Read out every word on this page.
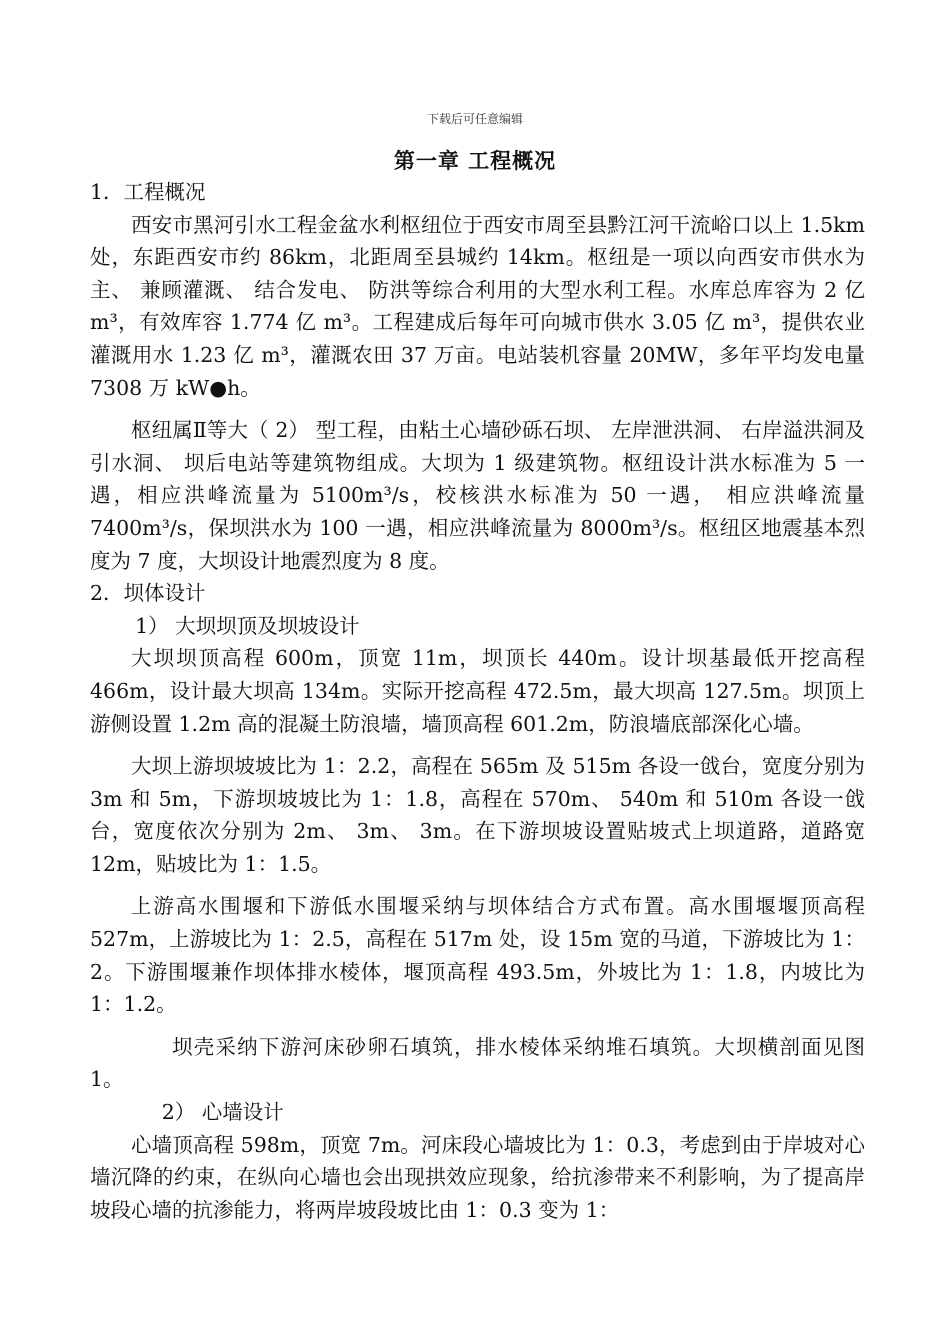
下载后可任意编辑
第一章 工程概况

1．工程概况

西安市黑河引水工程金盆水利枢纽位于西安市周至县黔江河干流峪口以上 1.5km 处，东距西安市约 86km，北距周至县城约 14km。枢纽是一项以向西安市供水为主、 兼顾灌溉、 结合发电、 防洪等综合利用的大型水利工程。水库总库容为 2 亿 m³，有效库容 1.774 亿 m³。工程建成后每年可向城市供水 3.05 亿 m³，提供农业灌溉用水 1.23 亿 m³，灌溉农田 37 万亩。电站装机容量 20MW，多年平均发电量 7308 万 kW●h。

枢纽属Ⅱ等大（ 2） 型工程，由粘土心墙砂砾石坝、 左岸泄洪洞、 右岸溢洪洞及引水洞、 坝后电站等建筑物组成。大坝为 1 级建筑物。枢纽设计洪水标准为 5 一遇，相应洪峰流量为 5100m³/s，校核洪水标准为 50 一遇， 相应洪峰流量 7400m³/s，保坝洪水为 100 一遇，相应洪峰流量为 8000m³/s。枢纽区地震基本烈度为 7 度，大坝设计地震烈度为 8 度。

2．坝体设计

1） 大坝坝顶及坝坡设计

大坝坝顶高程 600m，顶宽 11m，坝顶长 440m。设计坝基最低开挖高程 466m，设计最大坝高 134m。实际开挖高程 472.5m，最大坝高 127.5m。坝顶上游侧设置 1.2m 高的混凝土防浪墙，墙顶高程 601.2m，防浪墙底部深化心墙。

大坝上游坝坡坡比为 1：2.2，高程在 565m 及 515m 各设一戗台，宽度分别为 3m 和 5m，下游坝坡坡比为 1：1.8，高程在 570m、 540m 和 510m 各设一戗台，宽度依次分别为 2m、 3m、 3m。在下游坝坡设置贴坡式上坝道路，道路宽 12m，贴坡比为 1：1.5。

上游高水围堰和下游低水围堰采纳与坝体结合方式布置。高水围堰堰顶高程 527m，上游坡比为 1：2.5，高程在 517m 处，设 15m 宽的马道，下游坡比为 1：2。下游围堰兼作坝体排水棱体，堰顶高程 493.5m，外坡比为 1：1.8，内坡比为 1：1.2。

坝壳采纳下游河床砂卵石填筑，排水棱体采纳堆石填筑。大坝横剖面见图 1。

2） 心墙设计

心墙顶高程 598m，顶宽 7m。河床段心墙坡比为 1：0.3，考虑到由于岸坡对心墙沉降的约束，在纵向心墙也会出现拱效应现象，给抗渗带来不利影响，为了提高岸坡段心墙的抗渗能力，将两岸坡段坡比由 1：0.3 变为 1：
